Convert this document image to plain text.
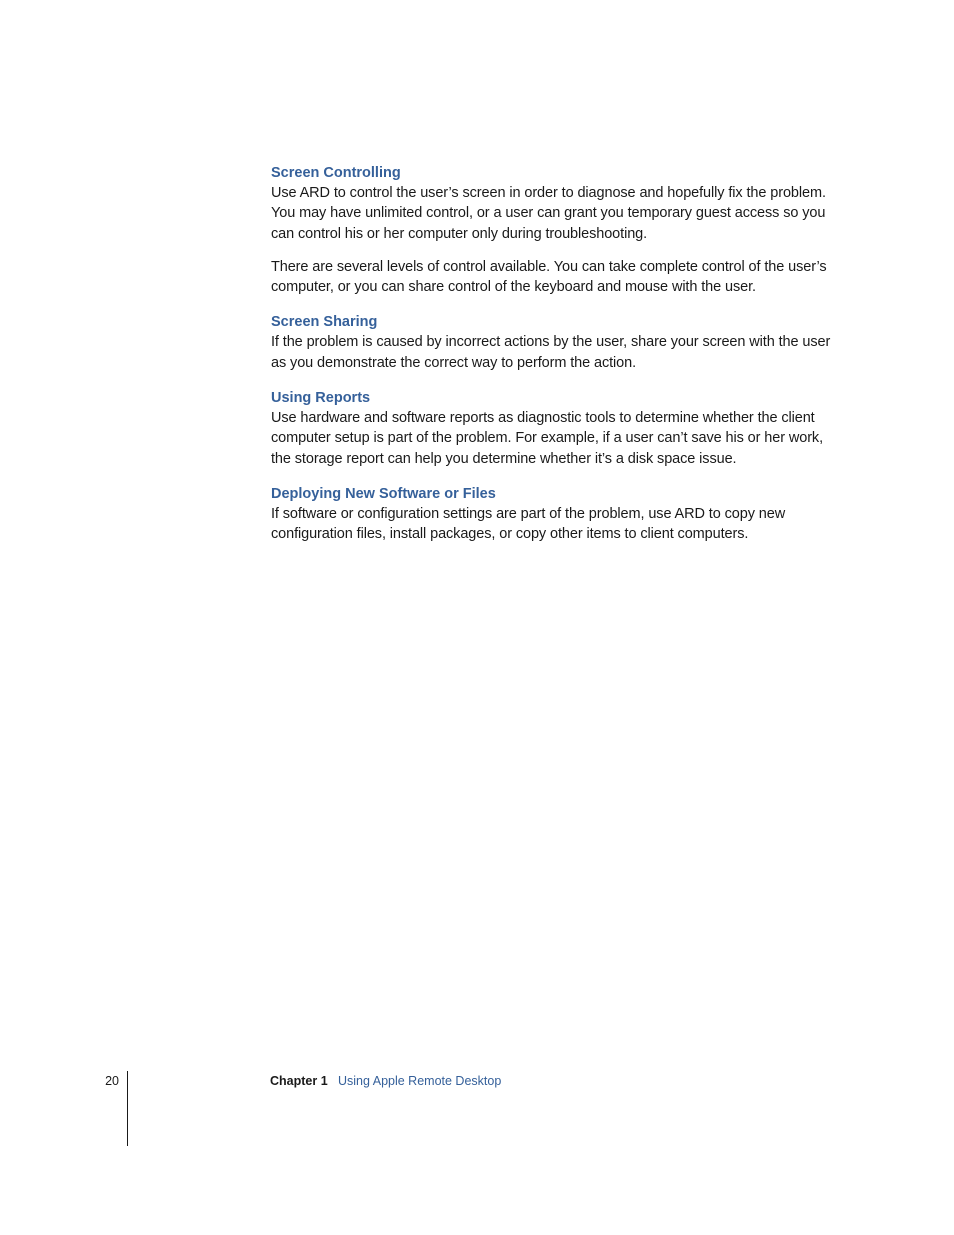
Screen Controlling

Use ARD to control the user’s screen in order to diagnose and hopefully fix the problem. You may have unlimited control, or a user can grant you temporary guest access so you can control his or her computer only during troubleshooting.

There are several levels of control available. You can take complete control of the user’s computer, or you can share control of the keyboard and mouse with the user.

Screen Sharing

If the problem is caused by incorrect actions by the user, share your screen with the user as you demonstrate the correct way to perform the action.

Using Reports

Use hardware and software reports as diagnostic tools to determine whether the client computer setup is part of the problem. For example, if a user can’t save his or her work, the storage report can help you determine whether it’s a disk space issue.

Deploying New Software or Files

If software or configuration settings are part of the problem, use ARD to copy new configuration files, install packages, or copy other items to client computers.

20	Chapter 1 Using Apple Remote Desktop
